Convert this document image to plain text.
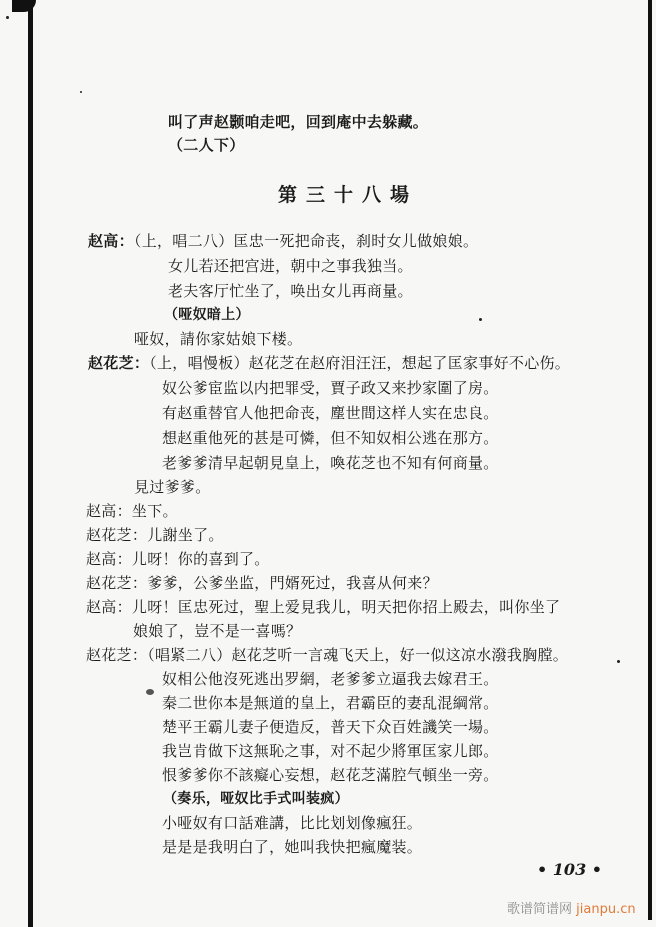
叫了声赵颢咱走吧，回到庵中去躲藏。
（二人下）
第三十八場
赵高：（上，唱二八）匡忠一死把命丧，刹时女儿做娘娘。
女儿若还把宫进，朝中之事我独当。
老夫客厅忙坐了，唤出女儿再商量。
（哑奴暗上）
哑奴，請你家姑娘下楼。
赵花芝：（上，唱慢板）赵花芝在赵府泪汪汪，想起了匡家事好不心伤。
奴公爹宦监以内把罪受，賈子政又来抄家圍了房。
有赵重替官人他把命丧，塵世間这样人实在忠良。
想赵重他死的甚是可憐，但不知奴相公逃在那方。
老爹爹清早起朝見皇上，喚花芝也不知有何商量。
見过爹爹。
赵高：坐下。
赵花芝：儿謝坐了。
赵高：儿呀！你的喜到了。
赵花芝：爹爹，公爹坐监，門婿死过，我喜从何来？
赵高：儿呀！匡忠死过，聖上爱見我儿，明天把你招上殿去，叫你坐了
娘娘了，豈不是一喜嗎？
赵花芝：（唱紧二八）赵花芝听一言魂飞天上，好一似这凉水潑我胸膛。
奴相公他沒死逃出罗網，老爹爹立逼我去嫁君王。
秦二世你本是無道的皇上，君霸臣的妻乱混綱常。
楚平王霸儿妻子便造反，普天下众百姓譏笑一場。
我岂肯做下这無恥之事，对不起少將軍匡家儿郎。
恨爹爹你不該癡心妄想，赵花芝滿腔气頓坐一旁。
（奏乐，哑奴比手式叫装疯）
小哑奴有口話难講，比比划划像瘋狂。
是是是我明白了，她叫我快把瘋魔装。
• 103 •
歌谱简谱网 jianpu.cn
